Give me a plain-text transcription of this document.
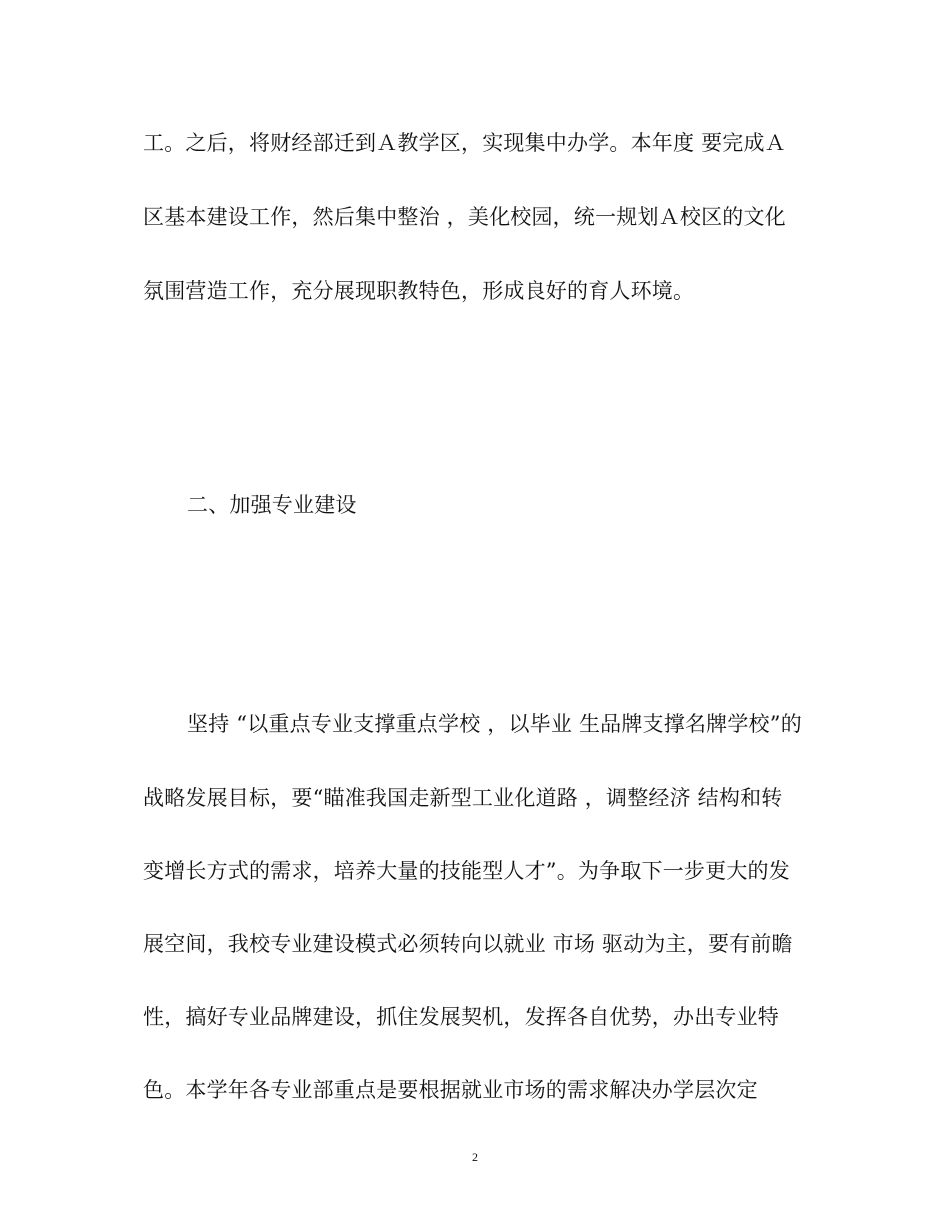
工。之后，将财经部迁到Ａ教学区，实现集中办学。本年度 要完成Ａ
区基本建设工作，然后集中整治 ，美化校园，统一规划Ａ校区的文化
氛围营造工作，充分展现职教特色，形成良好的育人环境。
二、加强专业建设
坚持 “以重点专业支撑重点学校 ，以毕业 生品牌支撑名牌学校”的
战略发展目标，要“瞄准我国走新型工业化道路 ，调整经济 结构和转
变增长方式的需求，培养大量的技能型人才”。为争取下一步更大的发
展空间，我校专业建设模式必须转向以就业 市场 驱动为主，要有前瞻
性，搞好专业品牌建设，抓住发展契机，发挥各自优势，办出专业特
色。本学年各专业部重点是要根据就业市场的需求解决办学层次定
2
